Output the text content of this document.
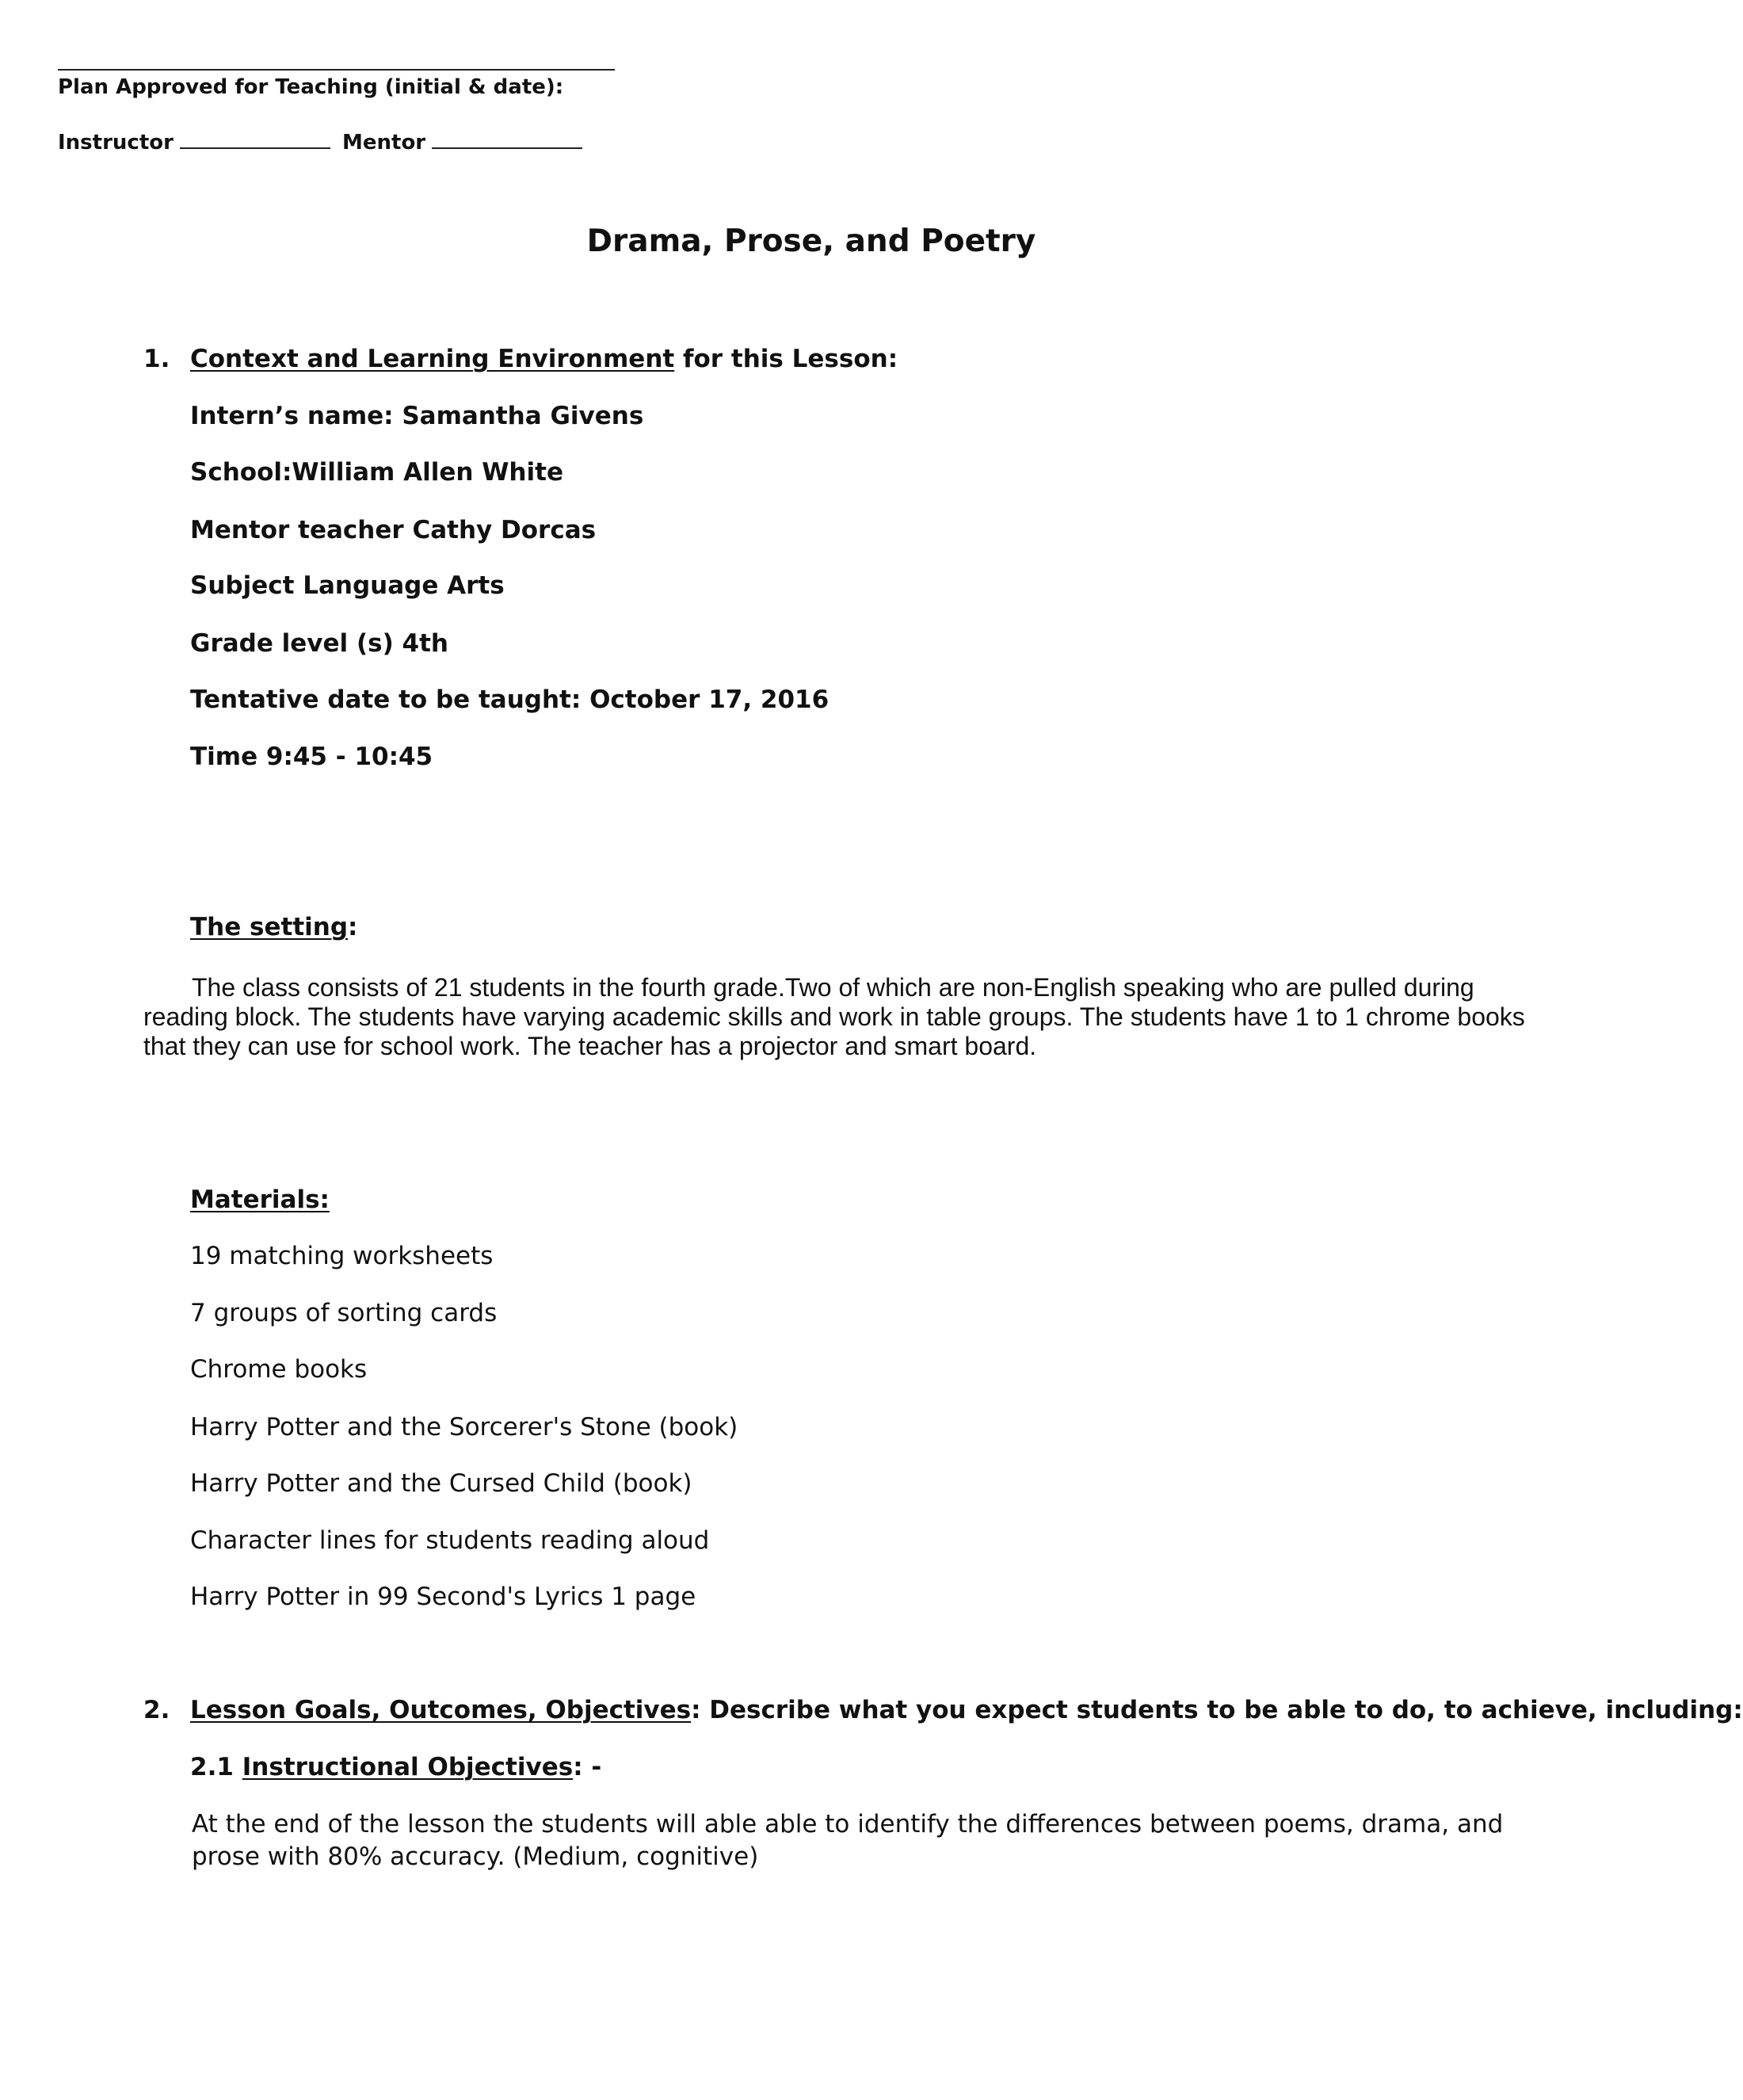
Plan Approved for Teaching (initial & date):
Instructor	Mentor
Drama, Prose, and Poetry
1. Context and Learning Environment for this Lesson:
Intern’s name: Samantha Givens
School:William Allen White
Mentor teacher Cathy Dorcas
Subject Language Arts
Grade level (s) 4th
Tentative date to be taught: October 17, 2016
Time 9:45 - 10:45
The setting:
The class consists of 21 students in the fourth grade.Two of which are non-English speaking who are pulled during reading block. The students have varying academic skills and work in table groups. The students have 1 to 1 chrome books that they can use for school work. The teacher has a projector and smart board.
Materials:
19 matching worksheets
7 groups of sorting cards
Chrome books
Harry Potter and the Sorcerer's Stone (book)
Harry Potter and the Cursed Child (book)
Character lines for students reading aloud
Harry Potter in 99 Second's Lyrics 1 page
2. Lesson Goals, Outcomes, Objectives: Describe what you expect students to be able to do, to achieve, including:
2.1 Instructional Objectives: -
At the end of the lesson the students will able able to identify the differences between poems, drama, and prose with 80% accuracy. (Medium, cognitive)
